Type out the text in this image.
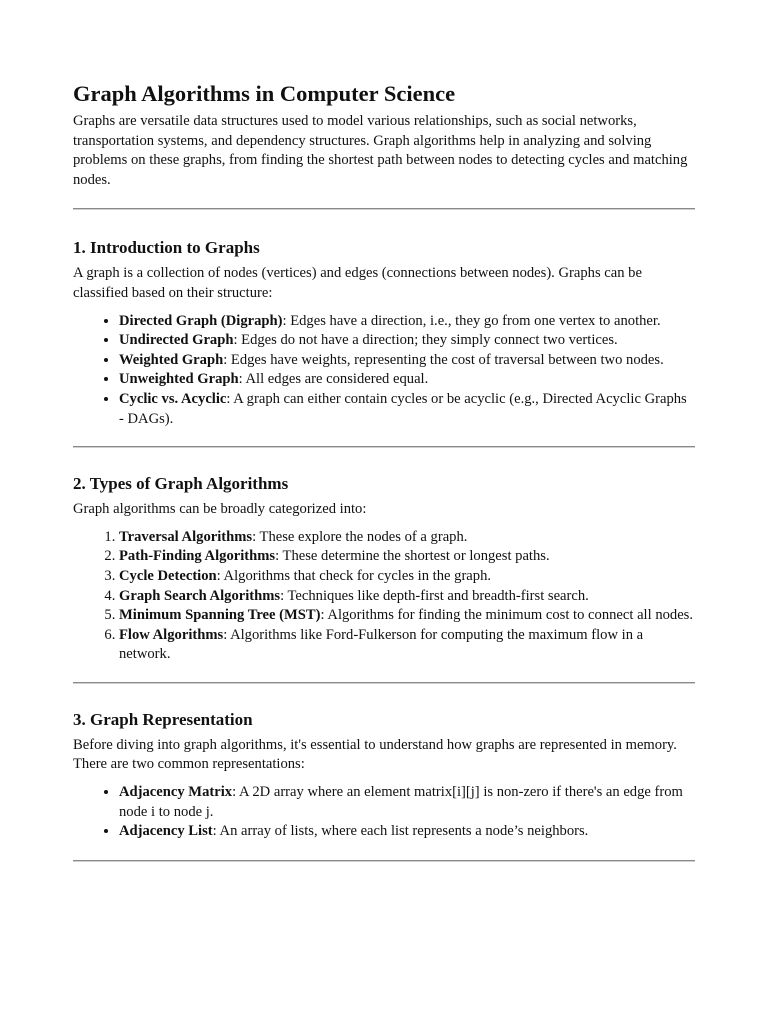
Graph Algorithms in Computer Science

Graphs are versatile data structures used to model various relationships, such as social networks, transportation systems, and dependency structures. Graph algorithms help in analyzing and solving problems on these graphs, from finding the shortest path between nodes to detecting cycles and matching nodes.

1. Introduction to Graphs

A graph is a collection of nodes (vertices) and edges (connections between nodes). Graphs can be classified based on their structure:

• Directed Graph (Digraph): Edges have a direction, i.e., they go from one vertex to another.
• Undirected Graph: Edges do not have a direction; they simply connect two vertices.
• Weighted Graph: Edges have weights, representing the cost of traversal between two nodes.
• Unweighted Graph: All edges are considered equal.
• Cyclic vs. Acyclic: A graph can either contain cycles or be acyclic (e.g., Directed Acyclic Graphs - DAGs).
2. Types of Graph Algorithms

Graph algorithms can be broadly categorized into:

1. Traversal Algorithms: These explore the nodes of a graph.
2. Path-Finding Algorithms: These determine the shortest or longest paths.
3. Cycle Detection: Algorithms that check for cycles in the graph.
4. Graph Search Algorithms: Techniques like depth-first and breadth-first search.
5. Minimum Spanning Tree (MST): Algorithms for finding the minimum cost to connect all nodes.
6. Flow Algorithms: Algorithms like Ford-Fulkerson for computing the maximum flow in a network.
3. Graph Representation

Before diving into graph algorithms, it's essential to understand how graphs are represented in memory. There are two common representations:

• Adjacency Matrix: A 2D array where an element matrix[i][j] is non-zero if there's an edge from node i to node j.
• Adjacency List: An array of lists, where each list represents a node’s neighbors.
